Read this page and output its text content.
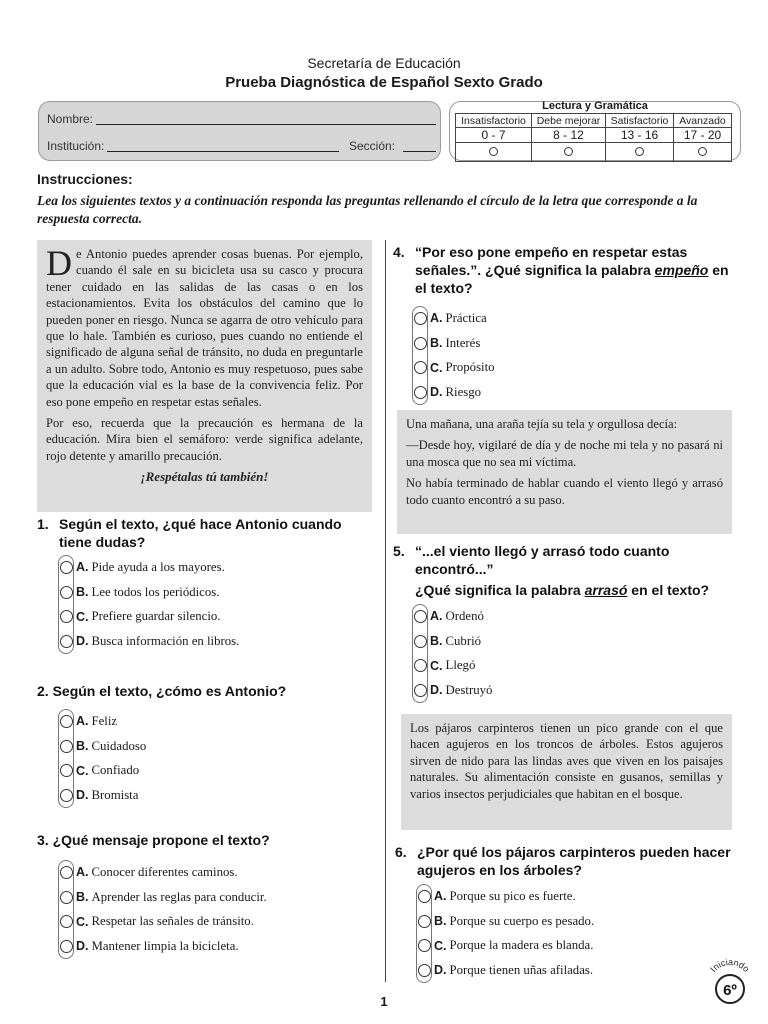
Secretaría de Educación
Prueba Diagnóstica de Español Sexto Grado
Nombre:
Institución:	Sección:
Lectura y Gramática
Insatisfactorio	Debe mejorar	Satisfactorio	Avanzado
0 - 7	8 - 12	13 - 16	17 - 20

Instrucciones:
Lea los siguientes textos y a continuación responda las preguntas rellenando el círculo de la letra que corresponde a la respuesta correcta.

De Antonio puedes aprender cosas buenas. Por ejemplo, cuando él sale en su bicicleta usa su casco y procura tener cuidado en las salidas de las casas o en los estacionamientos. Evita los obstáculos del camino que lo pueden poner en riesgo. Nunca se agarra de otro vehículo para que lo hale. También es curioso, pues cuando no entiende el significado de alguna señal de tránsito, no duda en preguntarle a un adulto. Sobre todo, Antonio es muy respetuoso, pues sabe que la educación vial es la base de la convivencia feliz. Por eso pone empeño en respetar estas señales.

Por eso, recuerda que la precaución es hermana de la educación. Mira bien el semáforo: verde significa adelante, rojo detente y amarillo precaución.

¡Respétalas tú también!

1. Según el texto, ¿qué hace Antonio cuando tiene dudas?
A. Pide ayuda a los mayores.
B. Lee todos los periódicos.
C. Prefiere guardar silencio.
D. Busca información en libros.
2. Según el texto, ¿cómo es Antonio?
A. Feliz
B. Cuidadoso
C. Confiado
D. Bromista
3. ¿Qué mensaje propone el texto?
A. Conocer diferentes caminos.
B. Aprender las reglas para conducir.
C. Respetar las señales de tránsito.
D. Mantener limpia la bicicleta.
4. “Por eso pone empeño en respetar estas señales.”. ¿Qué significa la palabra empeño en el texto?
A. Práctica
B. Interés
C. Propósito
D. Riesgo

Una mañana, una araña tejía su tela y orgullosa decía:

—Desde hoy, vigilaré de día y de noche mi tela y no pasará ni una mosca que no sea mi víctima.

No había terminado de hablar cuando el viento llegó y arrasó todo cuanto encontró a su paso.

5. “...el viento llegó y arrasó todo cuanto encontró...”
¿Qué significa la palabra arrasó en el texto?
A. Ordenó
B. Cubrió
C. Llegó
D. Destruyó

Los pájaros carpinteros tienen un pico grande con el que hacen agujeros en los troncos de árboles. Estos agujeros sirven de nido para las lindas aves que viven en los paisajes naturales. Su alimentación consiste en gusanos, semillas y varios insectos perjudiciales que habitan en el bosque.

6. ¿Por qué los pájaros carpinteros pueden hacer agujeros en los árboles?
A. Porque su pico es fuerte.
B. Porque su cuerpo es pesado.
C. Porque la madera es blanda.
D. Porque tienen uñas afiladas.
1
Iniciando
6º
